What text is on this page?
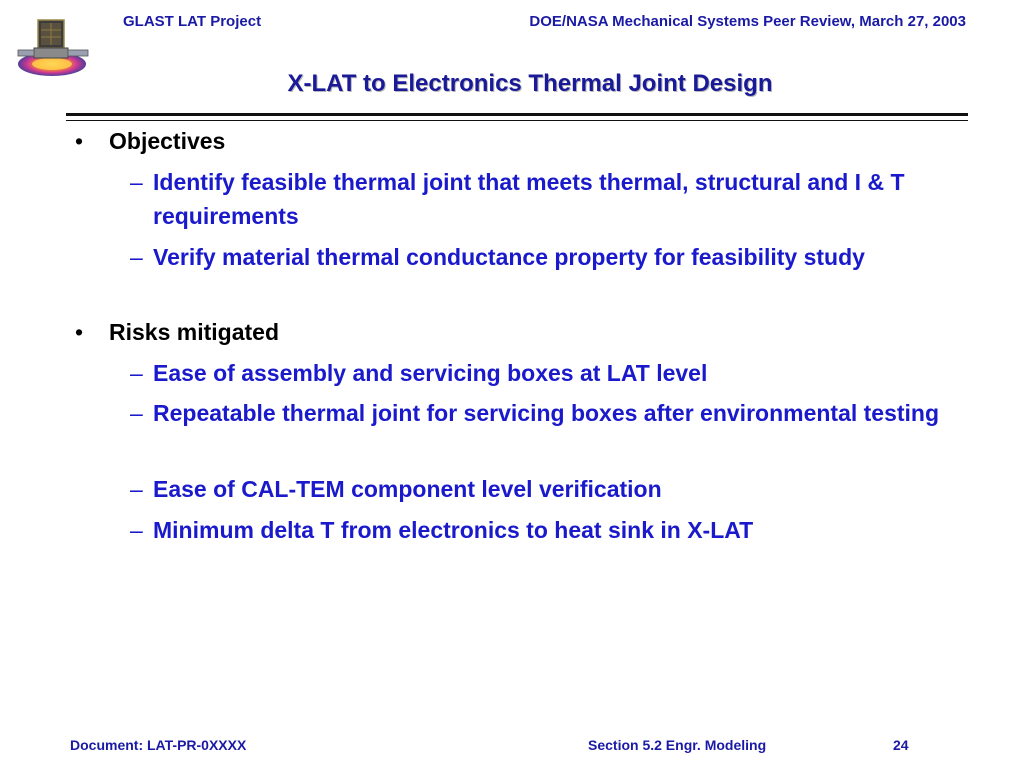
GLAST LAT Project	DOE/NASA Mechanical Systems Peer Review, March 27, 2003
X-LAT to Electronics Thermal Joint Design
• Objectives
– Identify feasible thermal joint that meets thermal, structural and I & T requirements
– Verify material thermal conductance property for feasibility study
• Risks mitigated
– Ease of assembly and servicing boxes at LAT level
– Repeatable thermal joint for servicing boxes after environmental testing
– Ease of CAL-TEM component level verification
– Minimum delta T from electronics to heat sink in X-LAT
Document: LAT-PR-0XXXX	Section 5.2 Engr. Modeling	24
